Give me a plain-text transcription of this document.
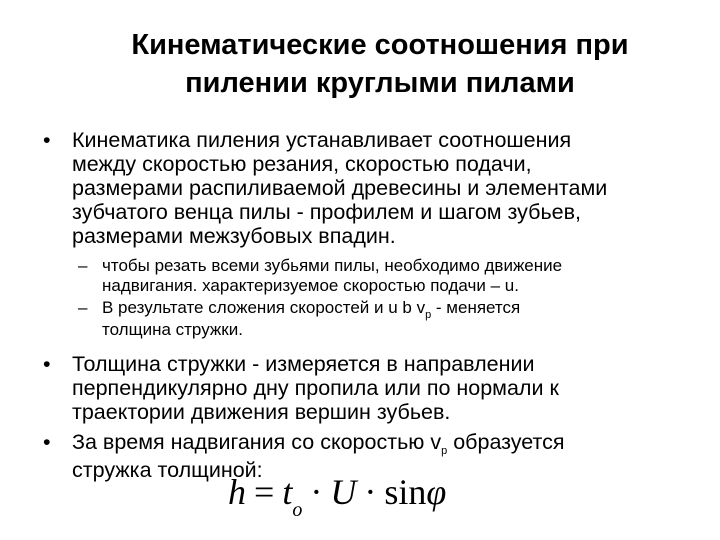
Кинематические соотношения при
пилении круглыми пилами
• Кинематика пиления устанавливает соотношения
между скоростью резания, скоростью подачи,
размерами распиливаемой древесины и элементами
зубчатого венца пилы - профилем и шагом зубьев,
размерами межзубовых впадин.
– чтобы резать всеми зубьями пилы, необходимо движение
надвигания. характеризуемое скоростью подачи – u.
– В результате сложения скоростей и u b $v_р$ - меняется
толщина стружки.
• Толщина стружки - измеряется в направлении
перпендикулярно дну пропила или по нормали к
траектории движения вершин зубьев.
• За время надвигания со скоростью $v_р$ образуется
стружка толщиной:
$h = t_o \cdot U \cdot \sin\varphi$
